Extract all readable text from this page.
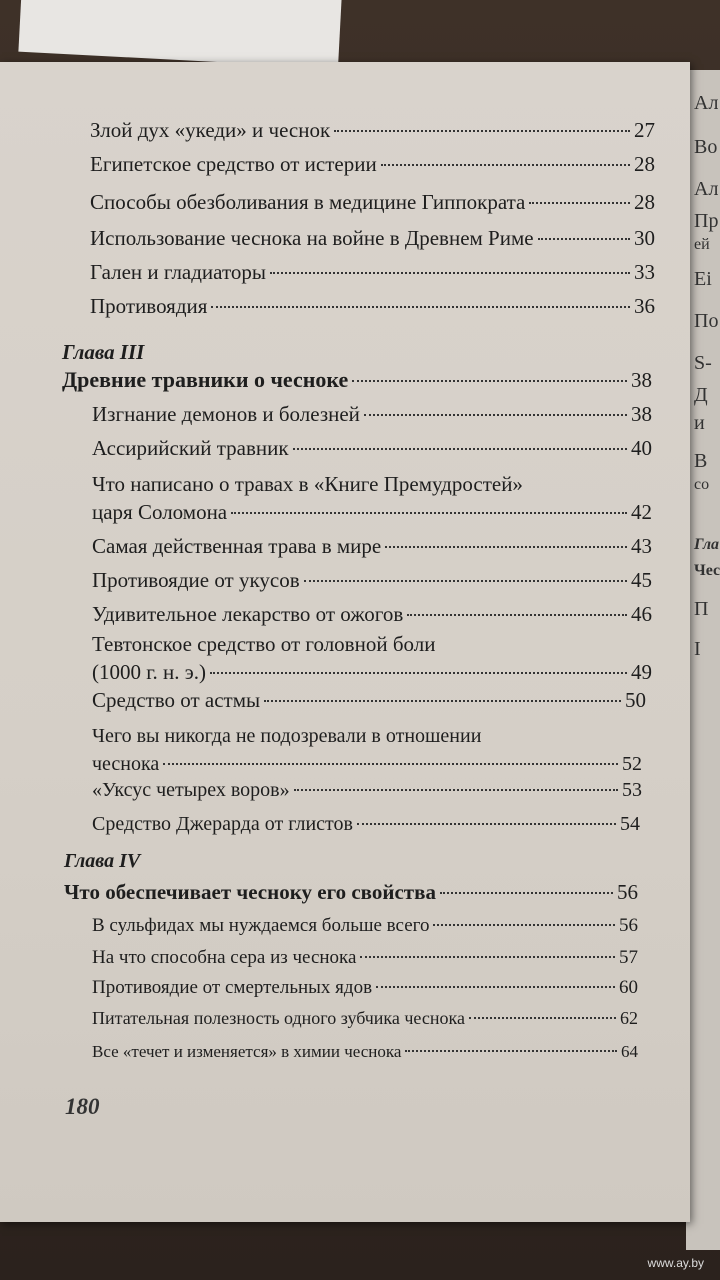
Ал
Во
Ал
Пр
ей
Еі
По
S-
Д
и
В
со
Гла
Чес
П
I
Злой дух «укеди» и чеснок	27
Египетское средство от истерии	28
Способы обезболивания в медицине Гиппократа	28
Использование чеснока на войне в Древнем Риме	30
Гален и гладиаторы	33
Противоядия	36
Глава III
Древние травники о чесноке	38
Изгнание демонов и болезней	38
Ассирийский травник	40
Что написано о травах в «Книге Премудростей»
царя Соломона	42
Самая действенная трава в мире	43
Противоядие от укусов	45
Удивительное лекарство от ожогов	46
Тевтонское средство от головной боли
(1000 г. н. э.)	49
Средство от астмы	50
Чего вы никогда не подозревали в отношении
чеснока	52
«Уксус четырех воров»	53
Средство Джерарда от глистов	54
Глава IV
Что обеспечивает чесноку его свойства	56
В сульфидах мы нуждаемся больше всего	56
На что способна сера из чеснока	57
Противоядие от смертельных ядов	60
Питательная полезность одного зубчика чеснока	62
Все «течет и изменяется» в химии чеснока	64
180
www.ay.by
